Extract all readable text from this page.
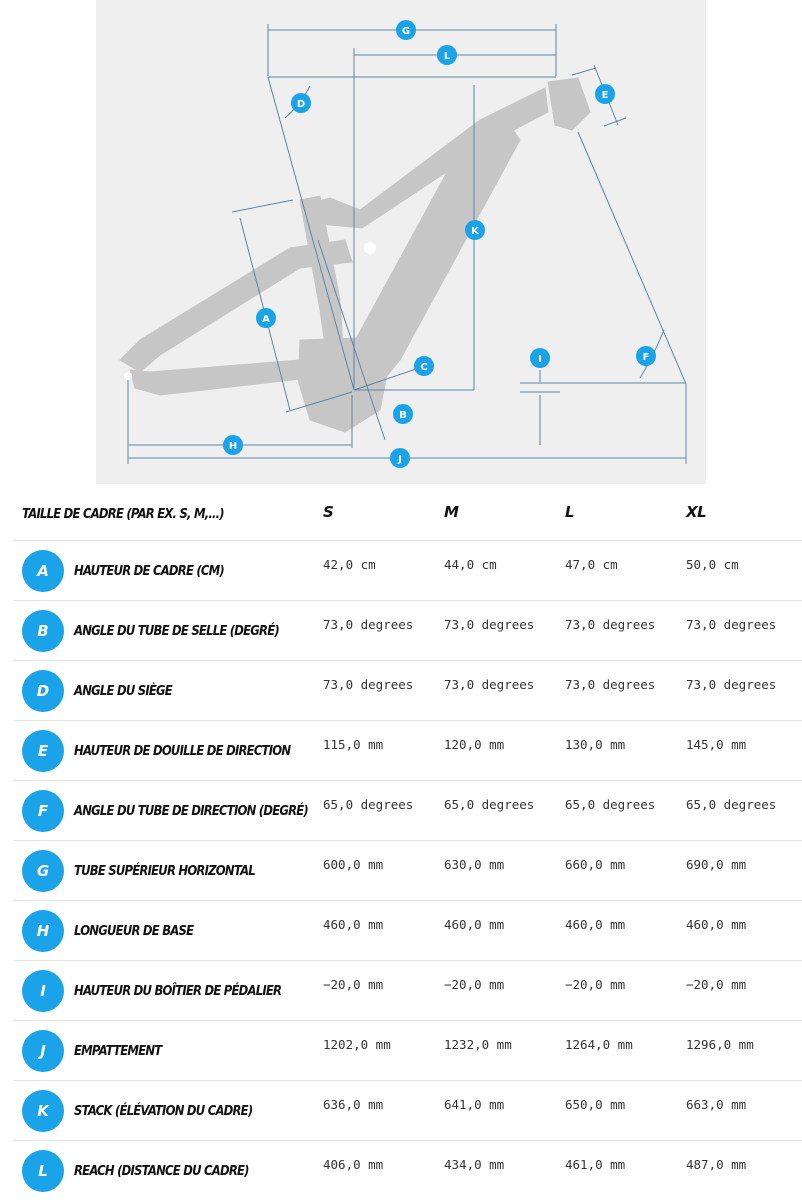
G
L
D
E
K
A
C
I	F
B
H
J
TAILLE DE CADRE (PAR EX. S, M,...)	S	M	L	XL

A HAUTEUR DE CADRE (CM)	42,0 cm	44,0 cm	47,0 cm	50,0 cm

B ANGLE DU TUBE DE SELLE (DEGRÉ)	73,0 degrees	73,0 degrees	73,0 degrees	73,0 degrees

D ANGLE DU SIÈGE	73,0 degrees	73,0 degrees	73,0 degrees	73,0 degrees

E HAUTEUR DE DOUILLE DE DIRECTION	115,0 mm	120,0 mm	130,0 mm	145,0 mm

F ANGLE DU TUBE DE DIRECTION (DEGRÉ)	65,0 degrees	65,0 degrees	65,0 degrees	65,0 degrees

G TUBE SUPÉRIEUR HORIZONTAL	600,0 mm	630,0 mm	660,0 mm	690,0 mm

H LONGUEUR DE BASE	460,0 mm	460,0 mm	460,0 mm	460,0 mm

I HAUTEUR DU BOÎTIER DE PÉDALIER	−20,0 mm	−20,0 mm	−20,0 mm	−20,0 mm

J EMPATTEMENT	1202,0 mm	1232,0 mm	1264,0 mm	1296,0 mm

K STACK (ÉLÉVATION DU CADRE)	636,0 mm	641,0 mm	650,0 mm	663,0 mm

L REACH (DISTANCE DU CADRE)	406,0 mm	434,0 mm	461,0 mm	487,0 mm
